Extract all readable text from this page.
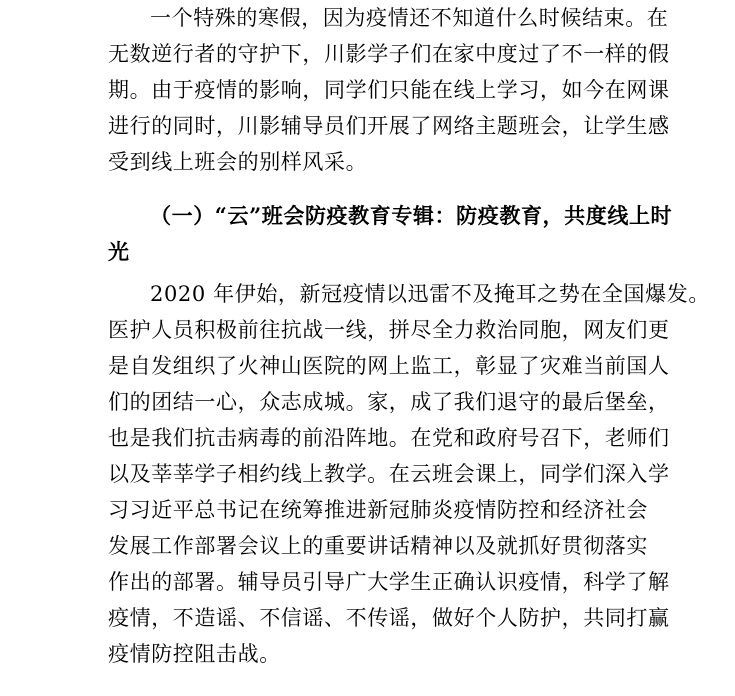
一个特殊的寒假，因为疫情还不知道什么时候结束。在
无数逆行者的守护下，川影学子们在家中度过了不一样的假
期。由于疫情的影响，同学们只能在线上学习，如今在网课
进行的同时，川影辅导员们开展了网络主题班会，让学生感
受到线上班会的别样风采。
（一）“云”班会防疫教育专辑：防疫教育，共度线上时
光
2020 年伊始，新冠疫情以迅雷不及掩耳之势在全国爆发。
医护人员积极前往抗战一线，拼尽全力救治同胞，网友们更
是自发组织了火神山医院的网上监工，彰显了灾难当前国人
们的团结一心，众志成城。家，成了我们退守的最后堡垒，
也是我们抗击病毒的前沿阵地。在党和政府号召下，老师们
以及莘莘学子相约线上教学。在云班会课上，同学们深入学
习习近平总书记在统筹推进新冠肺炎疫情防控和经济社会
发展工作部署会议上的重要讲话精神以及就抓好贯彻落实
作出的部署。辅导员引导广大学生正确认识疫情，科学了解
疫情，不造谣、不信谣、不传谣，做好个人防护，共同打赢
疫情防控阻击战。
